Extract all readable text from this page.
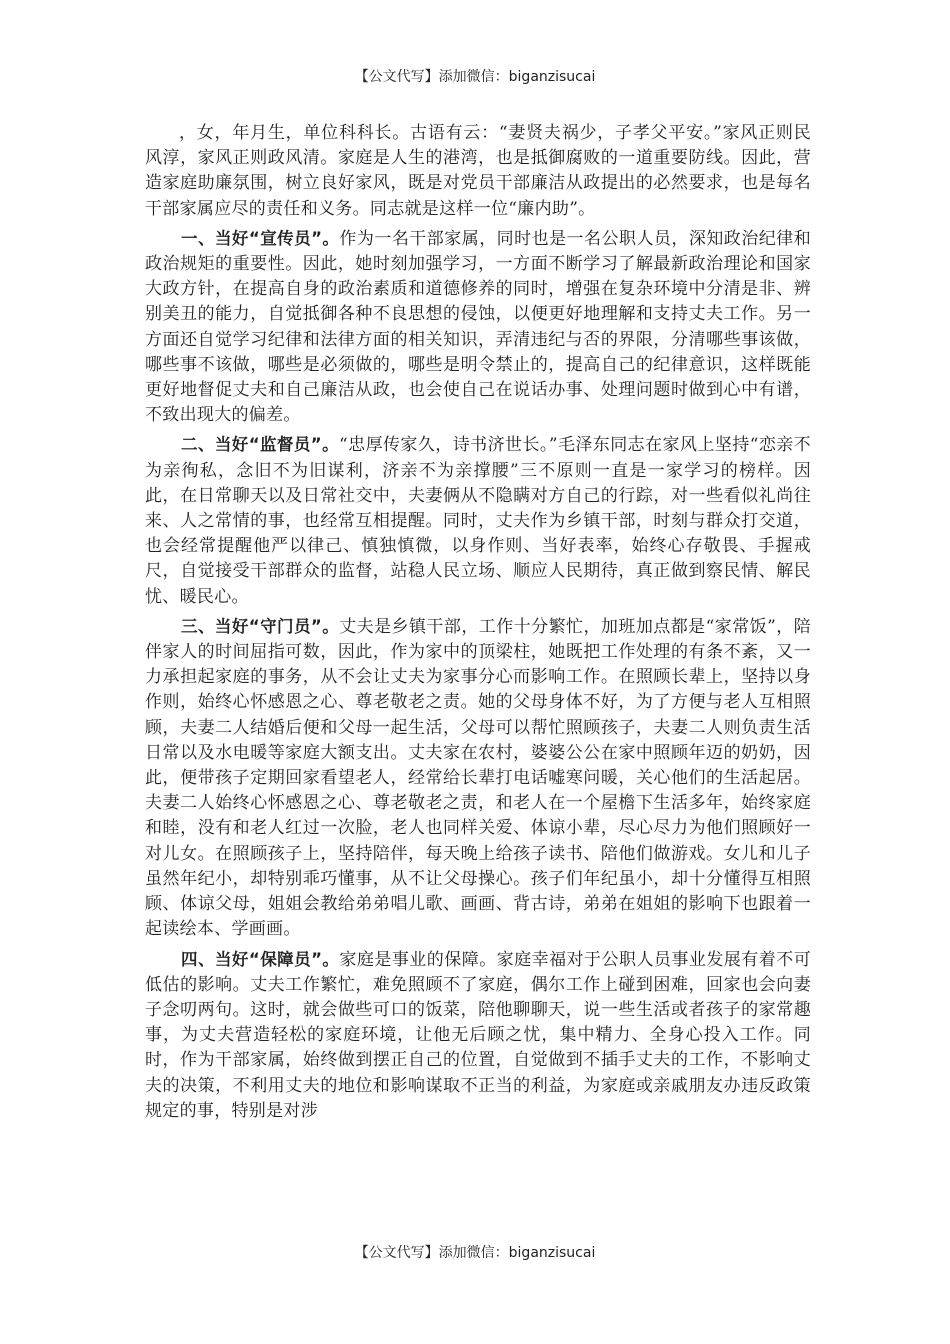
【公文代写】添加微信：biganzisucai

，女，年月生，单位科科长。古语有云：“妻贤夫祸少，子孝父平安。”家风正则民风淳，家风正则政风清。家庭是人生的港湾，也是抵御腐败的一道重要防线。因此，营造家庭助廉氛围，树立良好家风，既是对党员干部廉洁从政提出的必然要求，也是每名干部家属应尽的责任和义务。同志就是这样一位“廉内助”。

一、当好“宣传员”。作为一名干部家属，同时也是一名公职人员，深知政治纪律和政治规矩的重要性。因此，她时刻加强学习，一方面不断学习了解最新政治理论和国家大政方针，在提高自身的政治素质和道德修养的同时，增强在复杂环境中分清是非、辨别美丑的能力，自觉抵御各种不良思想的侵蚀，以便更好地理解和支持丈夫工作。另一方面还自觉学习纪律和法律方面的相关知识，弄清违纪与否的界限，分清哪些事该做，哪些事不该做，哪些是必须做的，哪些是明令禁止的，提高自己的纪律意识，这样既能更好地督促丈夫和自己廉洁从政，也会使自己在说话办事、处理问题时做到心中有谱，不致出现大的偏差。

二、当好“监督员”。“忠厚传家久，诗书济世长。”毛泽东同志在家风上坚持“恋亲不为亲徇私，念旧不为旧谋利，济亲不为亲撑腰”三不原则一直是一家学习的榜样。因此，在日常聊天以及日常社交中，夫妻俩从不隐瞒对方自己的行踪，对一些看似礼尚往来、人之常情的事，也经常互相提醒。同时，丈夫作为乡镇干部，时刻与群众打交道，也会经常提醒他严以律己、慎独慎微，以身作则、当好表率，始终心存敬畏、手握戒尺，自觉接受干部群众的监督，站稳人民立场、顺应人民期待，真正做到察民情、解民忧、暖民心。

三、当好“守门员”。丈夫是乡镇干部，工作十分繁忙，加班加点都是“家常饭”，陪伴家人的时间屈指可数，因此，作为家中的顶梁柱，她既把工作处理的有条不紊，又一力承担起家庭的事务，从不会让丈夫为家事分心而影响工作。在照顾长辈上，坚持以身作则，始终心怀感恩之心、尊老敬老之责。她的父母身体不好，为了方便与老人互相照顾，夫妻二人结婚后便和父母一起生活，父母可以帮忙照顾孩子，夫妻二人则负责生活日常以及水电暖等家庭大额支出。丈夫家在农村，婆婆公公在家中照顾年迈的奶奶，因此，便带孩子定期回家看望老人，经常给长辈打电话嘘寒问暖，关心他们的生活起居。夫妻二人始终心怀感恩之心、尊老敬老之责，和老人在一个屋檐下生活多年，始终家庭和睦，没有和老人红过一次脸，老人也同样关爱、体谅小辈，尽心尽力为他们照顾好一对儿女。在照顾孩子上，坚持陪伴，每天晚上给孩子读书、陪他们做游戏。女儿和儿子虽然年纪小，却特别乖巧懂事，从不让父母操心。孩子们年纪虽小，却十分懂得互相照顾、体谅父母，姐姐会教给弟弟唱儿歌、画画、背古诗，弟弟在姐姐的影响下也跟着一起读绘本、学画画。

四、当好“保障员”。家庭是事业的保障。家庭幸福对于公职人员事业发展有着不可低估的影响。丈夫工作繁忙，难免照顾不了家庭，偶尔工作上碰到困难，回家也会向妻子念叨两句。这时，就会做些可口的饭菜，陪他聊聊天，说一些生活或者孩子的家常趣事，为丈夫营造轻松的家庭环境，让他无后顾之忧，集中精力、全身心投入工作。同时，作为干部家属，始终做到摆正自己的位置，自觉做到不插手丈夫的工作，不影响丈夫的决策，不利用丈夫的地位和影响谋取不正当的利益，为家庭或亲戚朋友办违反政策规定的事，特别是对涉

【公文代写】添加微信：biganzisucai
